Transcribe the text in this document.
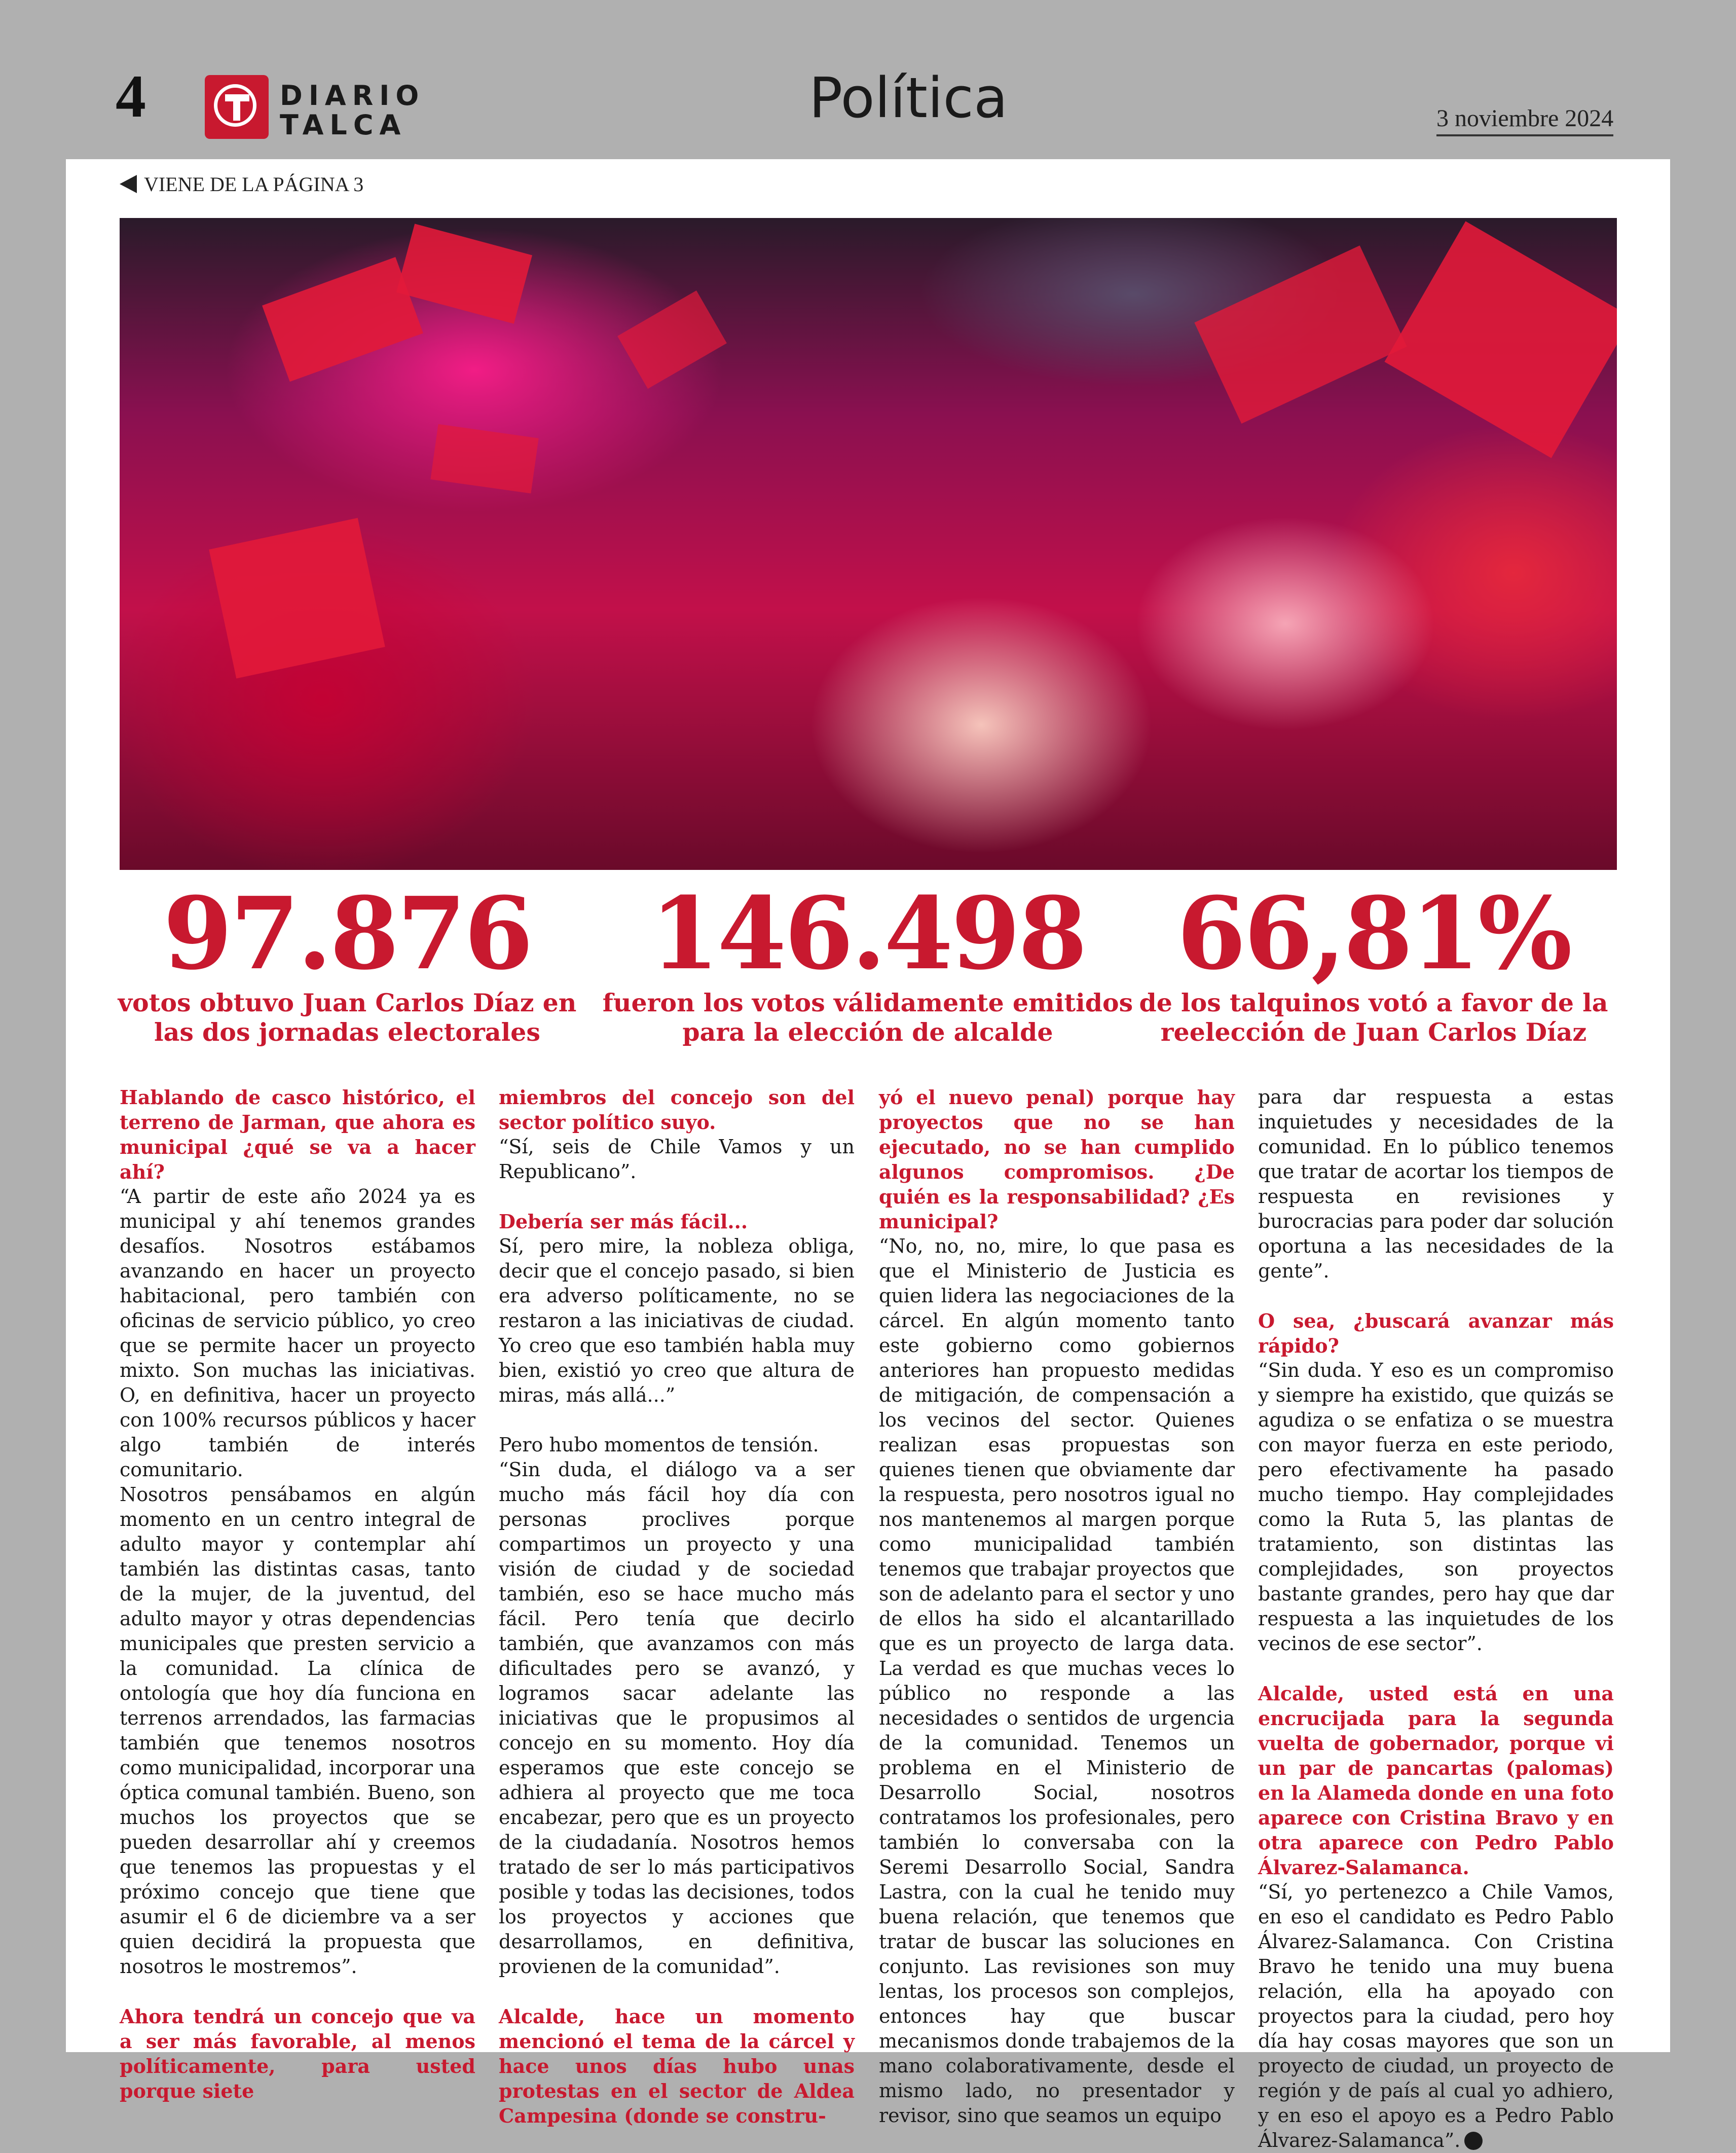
4	DIARIO
TALCA	Política	3 noviembre 2024
VIENE DE LA PÁGINA 3
97.876
votos obtuvo Juan Carlos Díaz en las dos jornadas electorales
146.498
fueron los votos válidamente emitidos para la elección de alcalde
66,81%
de los talquinos votó a favor de la reelección de Juan Carlos Díaz

Hablando de casco histórico, el terreno de Jarman, que ahora es municipal ¿qué se va a hacer ahí?

“A partir de este año 2024 ya es municipal y ahí tenemos grandes desafíos. Nosotros estábamos avanzando en hacer un proyecto habitacional, pero también con oficinas de servicio público, yo creo que se permite hacer un proyecto mixto. Son muchas las iniciativas. O, en definitiva, hacer un proyecto con 100% recursos públicos y hacer algo también de interés comunitario.

Nosotros pensábamos en algún momento en un centro integral de adulto mayor y contemplar ahí también las distintas casas, tanto de la mujer, de la juventud, del adulto mayor y otras dependencias municipales que presten servicio a la comunidad. La clínica de ontología que hoy día funciona en terrenos arrendados, las farmacias también que tenemos nosotros como municipalidad, incorporar una óptica comunal también. Bueno, son muchos los proyectos que se pueden desarrollar ahí y creemos que tenemos las propuestas y el próximo concejo que tiene que asumir el 6 de diciembre va a ser quien decidirá la propuesta que nosotros le mostremos”.

Ahora tendrá un concejo que va a ser más favorable, al menos políticamente, para usted porque siete

miembros del concejo son del sector político suyo.

“Sí, seis de Chile Vamos y un Republicano”.

Debería ser más fácil...

Sí, pero mire, la nobleza obliga, decir que el concejo pasado, si bien era adverso políticamente, no se restaron a las iniciativas de ciudad. Yo creo que eso también habla muy bien, existió yo creo que altura de miras, más allá...”

Pero hubo momentos de tensión.

“Sin duda, el diálogo va a ser mucho más fácil hoy día con personas proclives porque compartimos un proyecto y una visión de ciudad y de sociedad también, eso se hace mucho más fácil. Pero tenía que decirlo también, que avanzamos con más dificultades pero se avanzó, y logramos sacar adelante las iniciativas que le propusimos al concejo en su momento. Hoy día esperamos que este concejo se adhiera al proyecto que me toca encabezar, pero que es un proyecto de la ciudadanía. Nosotros hemos tratado de ser lo más participativos posible y todas las decisiones, todos los proyectos y acciones que desarrollamos, en definitiva, provienen de la comunidad”.

Alcalde, hace un momento mencionó el tema de la cárcel y hace unos días hubo unas protestas en el sector de Aldea Campesina (donde se constru-

yó el nuevo penal) porque hay proyectos que no se han ejecutado, no se han cumplido algunos compromisos. ¿De quién es la responsabilidad? ¿Es municipal?

“No, no, no, mire, lo que pasa es que el Ministerio de Justicia es quien lidera las negociaciones de la cárcel. En algún momento tanto este gobierno como gobiernos anteriores han propuesto medidas de mitigación, de compensación a los vecinos del sector. Quienes realizan esas propuestas son quienes tienen que obviamente dar la respuesta, pero nosotros igual no nos mantenemos al margen porque como municipalidad también tenemos que trabajar proyectos que son de adelanto para el sector y uno de ellos ha sido el alcantarillado que es un proyecto de larga data. La verdad es que muchas veces lo público no responde a las necesidades o sentidos de urgencia de la comunidad. Tenemos un problema en el Ministerio de Desarrollo Social, nosotros contratamos los profesionales, pero también lo conversaba con la Seremi Desarrollo Social, Sandra Lastra, con la cual he tenido muy buena relación, que tenemos que tratar de buscar las soluciones en conjunto. Las revisiones son muy lentas, los procesos son complejos, entonces hay que buscar mecanismos donde trabajemos de la mano colaborativamente, desde el mismo lado, no presentador y revisor, sino que seamos un equipo

para dar respuesta a estas inquietudes y necesidades de la comunidad. En lo público tenemos que tratar de acortar los tiempos de respuesta en revisiones y burocracias para poder dar solución oportuna a las necesidades de la gente”.

O sea, ¿buscará avanzar más rápido?

“Sin duda. Y eso es un compromiso y siempre ha existido, que quizás se agudiza o se enfatiza o se muestra con mayor fuerza en este periodo, pero efectivamente ha pasado mucho tiempo. Hay complejidades como la Ruta 5, las plantas de tratamiento, son distintas las complejidades, son proyectos bastante grandes, pero hay que dar respuesta a las inquietudes de los vecinos de ese sector”.

Alcalde, usted está en una encrucijada para la segunda vuelta de gobernador, porque vi un par de pancartas (palomas) en la Alameda donde en una foto aparece con Cristina Bravo y en otra aparece con Pedro Pablo Álvarez-Salamanca.

“Sí, yo pertenezco a Chile Vamos, en eso el candidato es Pedro Pablo Álvarez-Salamanca. Con Cristina Bravo he tenido una muy buena relación, ella ha apoyado con proyectos para la ciudad, pero hoy día hay cosas mayores que son un proyecto de ciudad, un proyecto de región y de país al cual yo adhiero, y en eso el apoyo es a Pedro Pablo Álvarez-Salamanca”.
